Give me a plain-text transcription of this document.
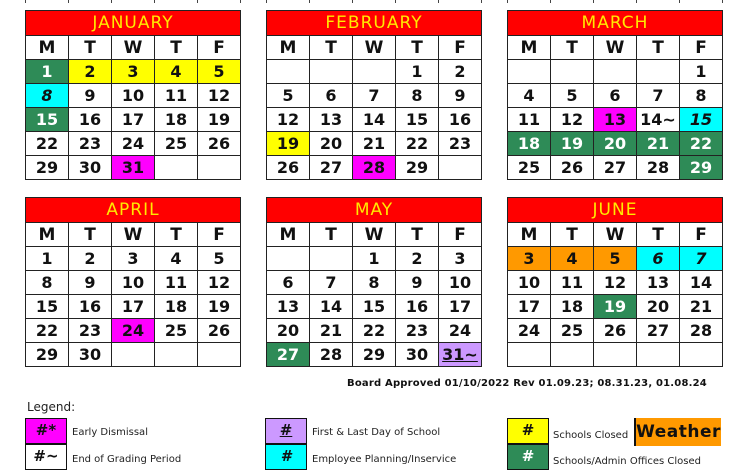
JANUARY				
M	T	W	T	F
1	2	3	4	5
8	9	10	11	12
15	16	17	18	19
22	23	24	25	26
29	30	31		
FEBRUARY				
M	T	W	T	F
			1	2
5	6	7	8	9
12	13	14	15	16
19	20	21	22	23
26	27	28	29	
MARCH				
M	T	W	T	F
				1
4	5	6	7	8
11	12	13	14~	15
18	19	20	21	22
25	26	27	28	29
APRIL				
M	T	W	T	F
1	2	3	4	5
8	9	10	11	12
15	16	17	18	19
22	23	24	25	26
29	30			
MAY				
M	T	W	T	F
		1	2	3
6	7	8	9	10
13	14	15	16	17
20	21	22	23	24
27	28	29	30	31~
JUNE				
M	T	W	T	F
3	4	5	6	7
10	11	12	13	14
17	18	19	20	21
24	25	26	27	28

Board Approved 01/10/2022 Rev 01.09.23; 08.31.23, 01.08.24
Legend:
#*	Early Dismissal
#~	End of Grading Period
#	First & Last Day of School
#	Employee Planning/Inservice
#	Schools Closed
#	Schools/Admin Offices Closed
Weather
